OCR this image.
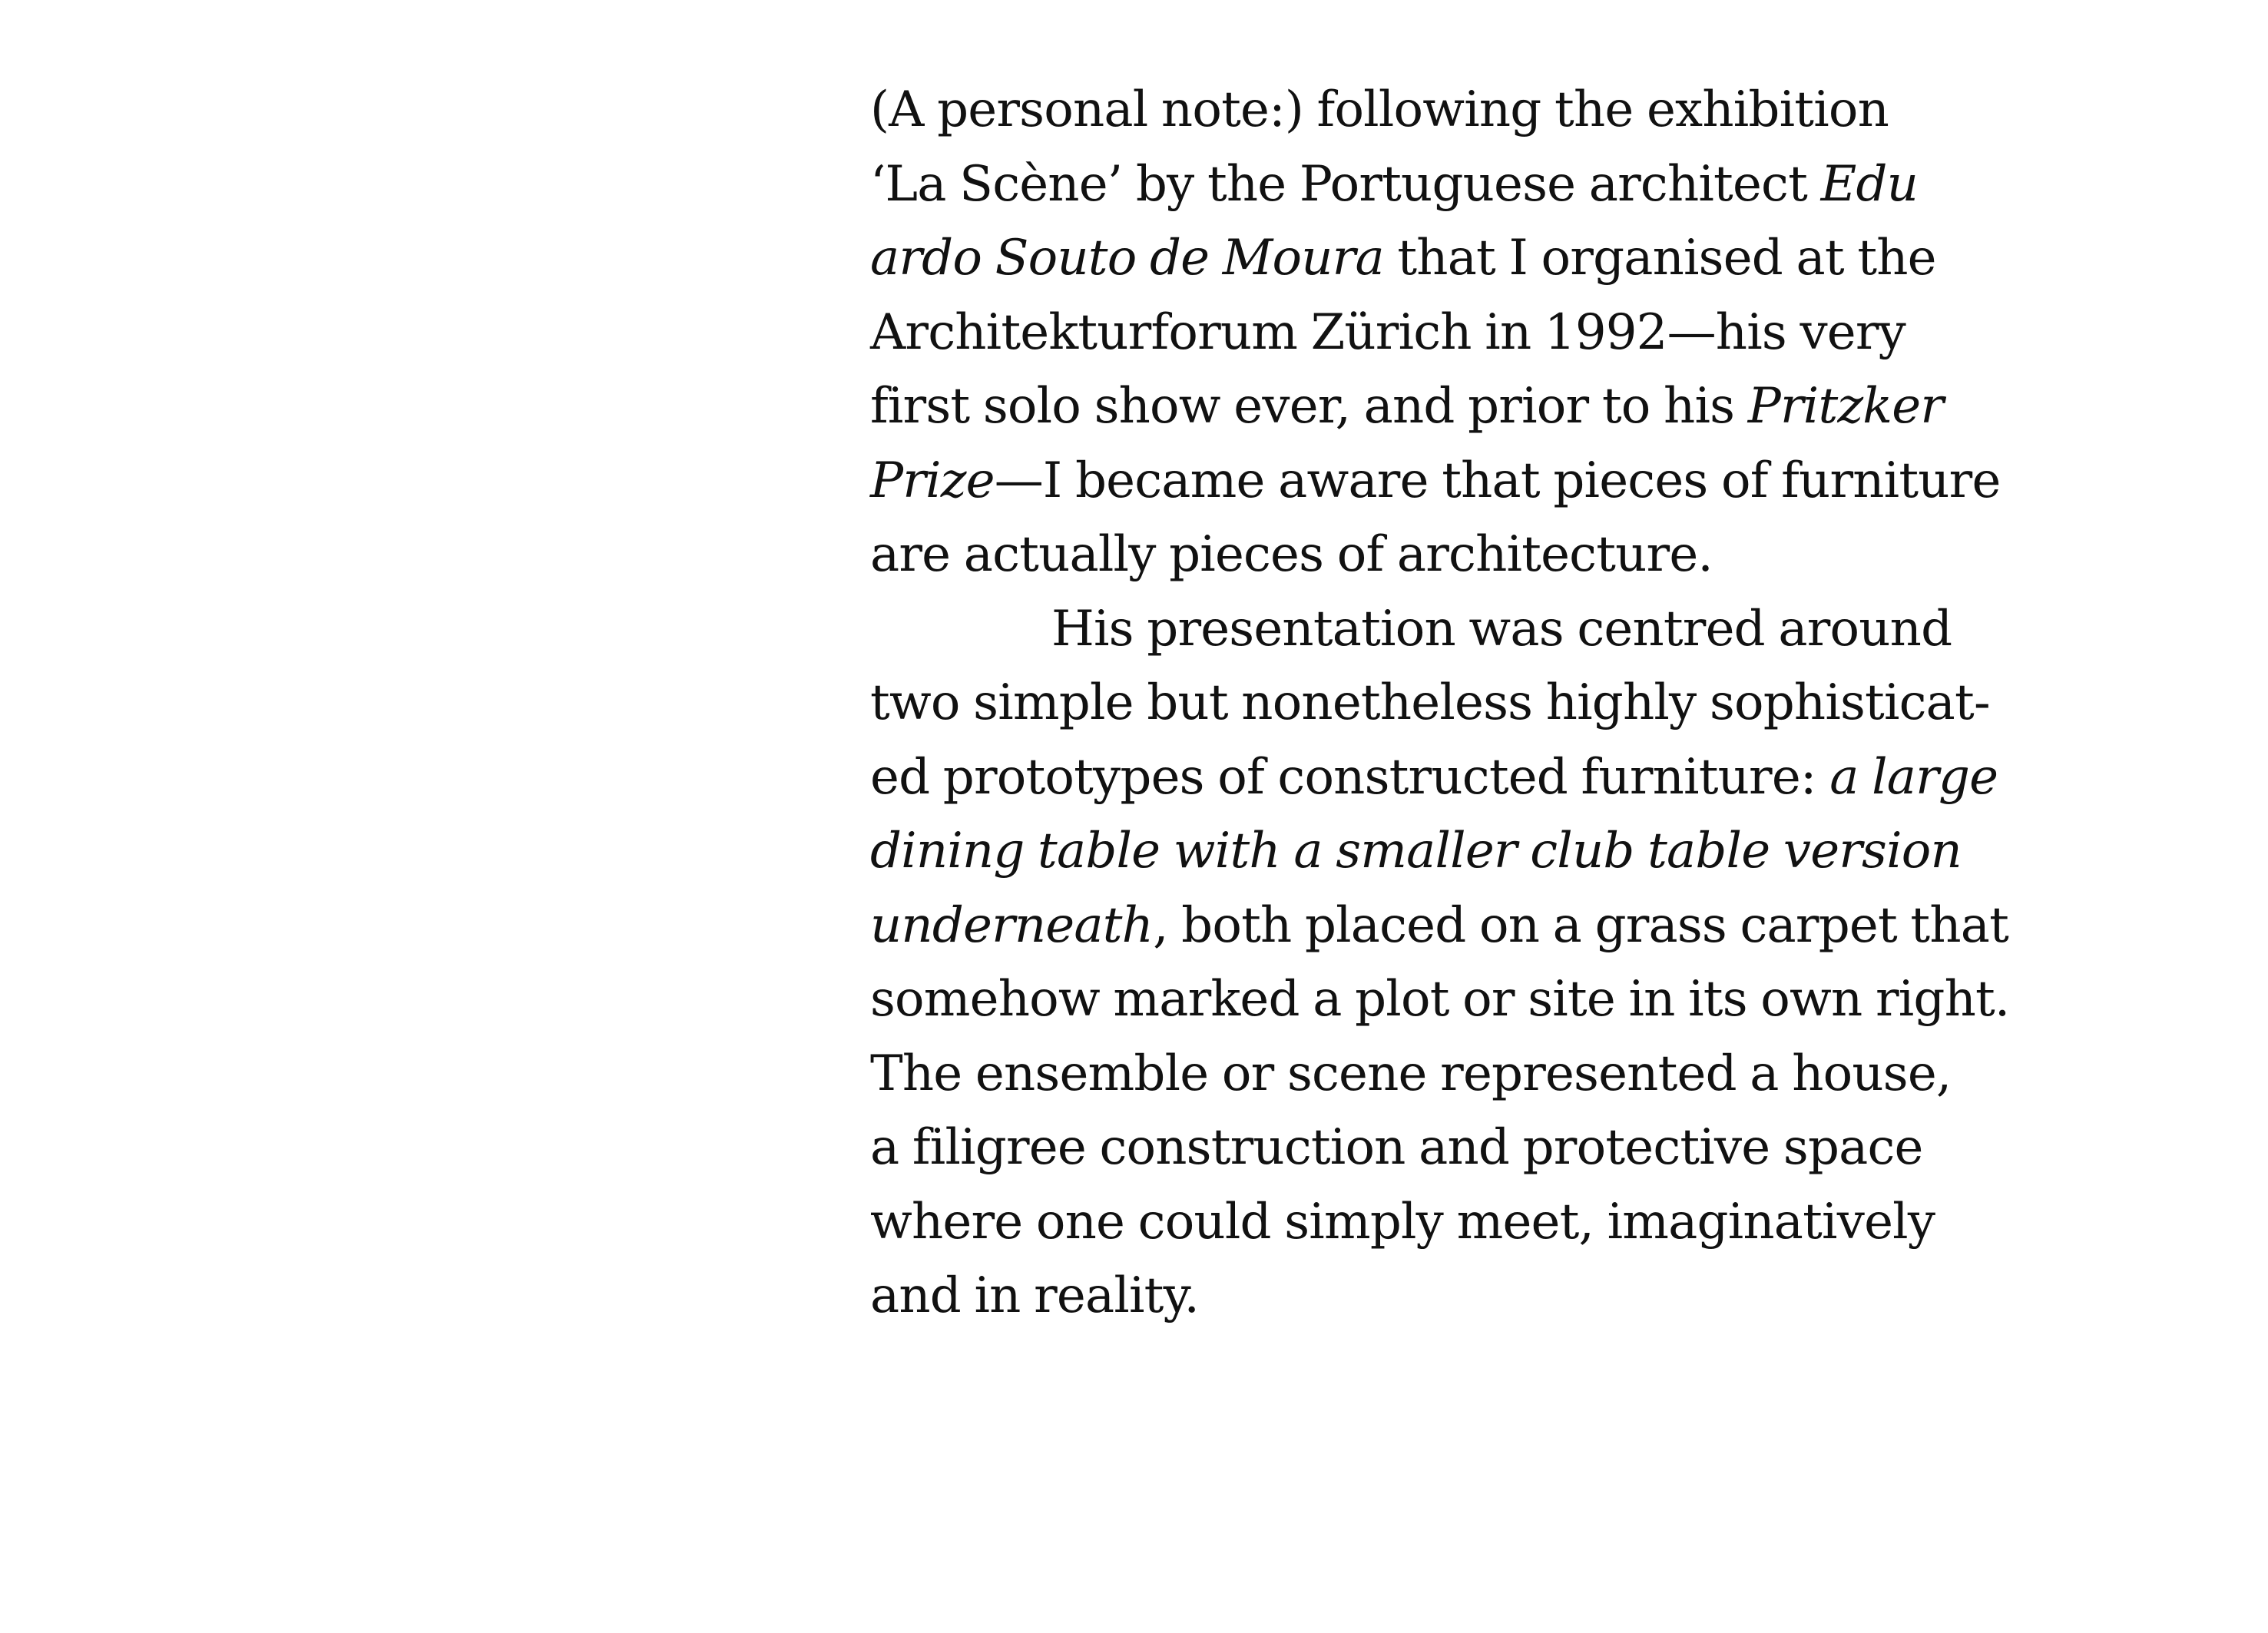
(A personal note:) following the exhibition
‘La Scène’ by the Portuguese architect Edu
ardo Souto de Moura that I organised at the
Architekturforum Zürich in 1992—his very
first solo show ever, and prior to his Pritzker
Prize—I became aware that pieces of furniture
are actually pieces of architecture.
His presentation was centred around
two simple but nonetheless highly sophisticat-
ed prototypes of constructed furniture: a large
dining table with a smaller club table version
underneath, both placed on a grass carpet that
somehow marked a plot or site in its own right.
The ensemble or scene represented a house,
a filigree construction and protective space
where one could simply meet, imaginatively
and in reality.
